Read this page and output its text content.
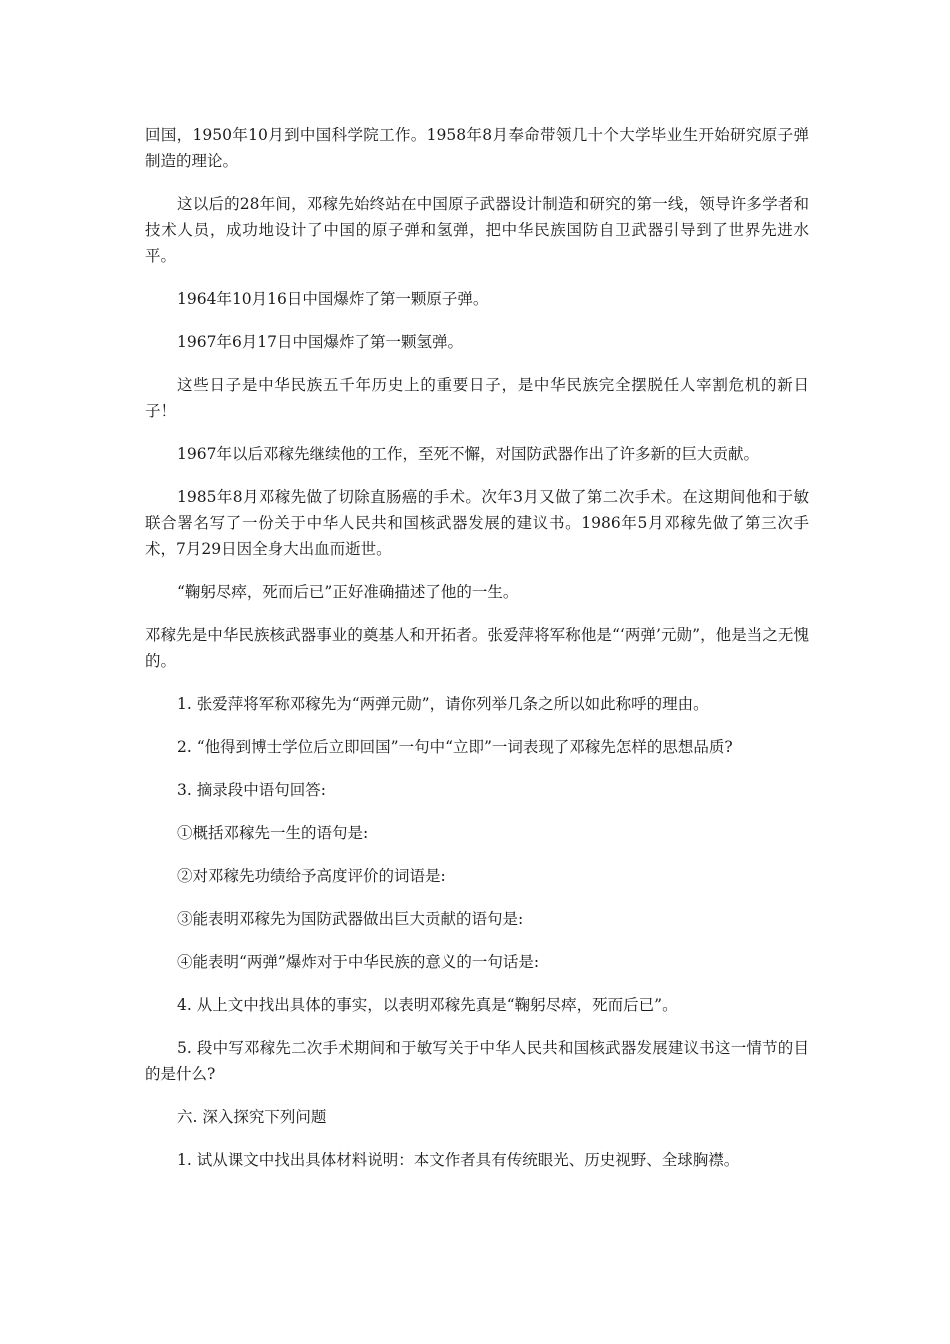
回国，1950年10月到中国科学院工作。1958年8月奉命带领几十个大学毕业生开始研究原子弹制造的理论。

这以后的28年间，邓稼先始终站在中国原子武器设计制造和研究的第一线，领导许多学者和技术人员，成功地设计了中国的原子弹和氢弹，把中华民族国防自卫武器引导到了世界先进水平。

1964年10月16日中国爆炸了第一颗原子弹。

1967年6月17日中国爆炸了第一颗氢弹。

这些日子是中华民族五千年历史上的重要日子，是中华民族完全摆脱任人宰割危机的新日子！

1967年以后邓稼先继续他的工作，至死不懈，对国防武器作出了许多新的巨大贡献。

1985年8月邓稼先做了切除直肠癌的手术。次年3月又做了第二次手术。在这期间他和于敏联合署名写了一份关于中华人民共和国核武器发展的建议书。1986年5月邓稼先做了第三次手术，7月29日因全身大出血而逝世。

“鞠躬尽瘁，死而后已”正好准确描述了他的一生。

邓稼先是中华民族核武器事业的奠基人和开拓者。张爱萍将军称他是“‘两弹’元勋”，他是当之无愧的。

1. 张爱萍将军称邓稼先为“两弹元勋”，请你列举几条之所以如此称呼的理由。

2. “他得到博士学位后立即回国”一句中“立即”一词表现了邓稼先怎样的思想品质?

3. 摘录段中语句回答:

①概括邓稼先一生的语句是:

②对邓稼先功绩给予高度评价的词语是:

③能表明邓稼先为国防武器做出巨大贡献的语句是:

④能表明“两弹”爆炸对于中华民族的意义的一句话是:

4. 从上文中找出具体的事实，以表明邓稼先真是“鞠躬尽瘁，死而后已”。

5. 段中写邓稼先二次手术期间和于敏写关于中华人民共和国核武器发展建议书这一情节的目的是什么?

六. 深入探究下列问题

1. 试从课文中找出具体材料说明：本文作者具有传统眼光、历史视野、全球胸襟。
